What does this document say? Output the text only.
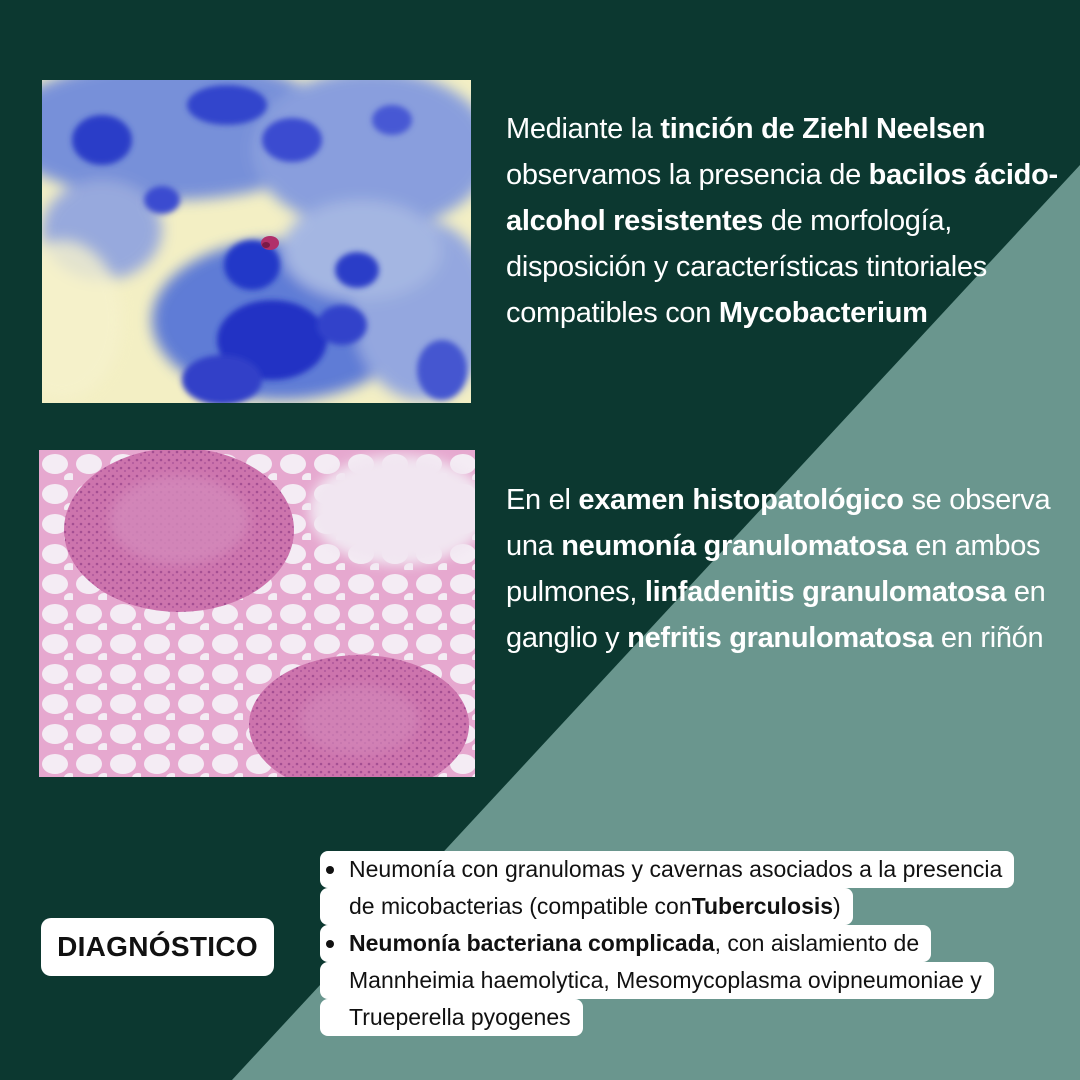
Mediante la tinción de Ziehl Neelsen
observamos la presencia de bacilos ácido-alcohol resistentes de morfología, disposición y características tintoriales compatibles con Mycobacterium
En el examen histopatológico se observa una neumonía granulomatosa en ambos pulmones, linfadenitis granulomatosa en ganglio y nefritis granulomatosa en riñón
DIAGNÓSTICO
Neumonía con granulomas y cavernas asociados a la presencia
de micobacterias (compatible con Tuberculosis )
Neumonía bacteriana complicada , con aislamiento de
Mannheimia haemolytica, Mesomycoplasma ovipneumoniae y
Trueperella pyogenes
